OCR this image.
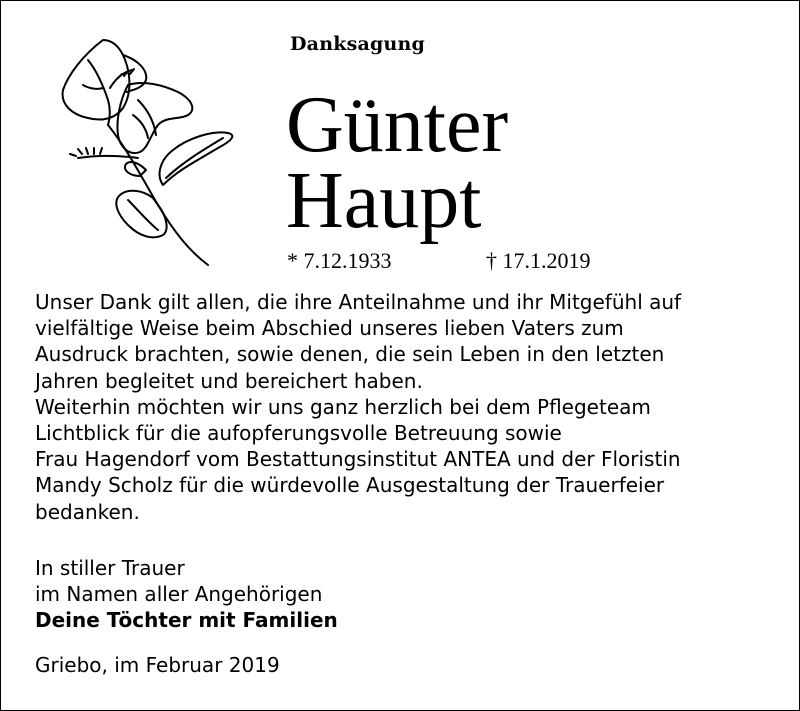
Danksagung
Günter
Haupt
* 7.12.1933	† 17.1.2019
Unser Dank gilt allen, die ihre Anteilnahme und ihr Mitgefühl auf
vielfältige Weise beim Abschied unseres lieben Vaters zum
Ausdruck brachten, sowie denen, die sein Leben in den letzten
Jahren begleitet und bereichert haben.
Weiterhin möchten wir uns ganz herzlich bei dem Pflegeteam
Lichtblick für die aufopferungsvolle Betreuung sowie
Frau Hagendorf vom Bestattungsinstitut ANTEA und der Floristin
Mandy Scholz für die würdevolle Ausgestaltung der Trauerfeier
bedanken.
In stiller Trauer
im Namen aller Angehörigen
Deine Töchter mit Familien
Griebo, im Februar 2019
